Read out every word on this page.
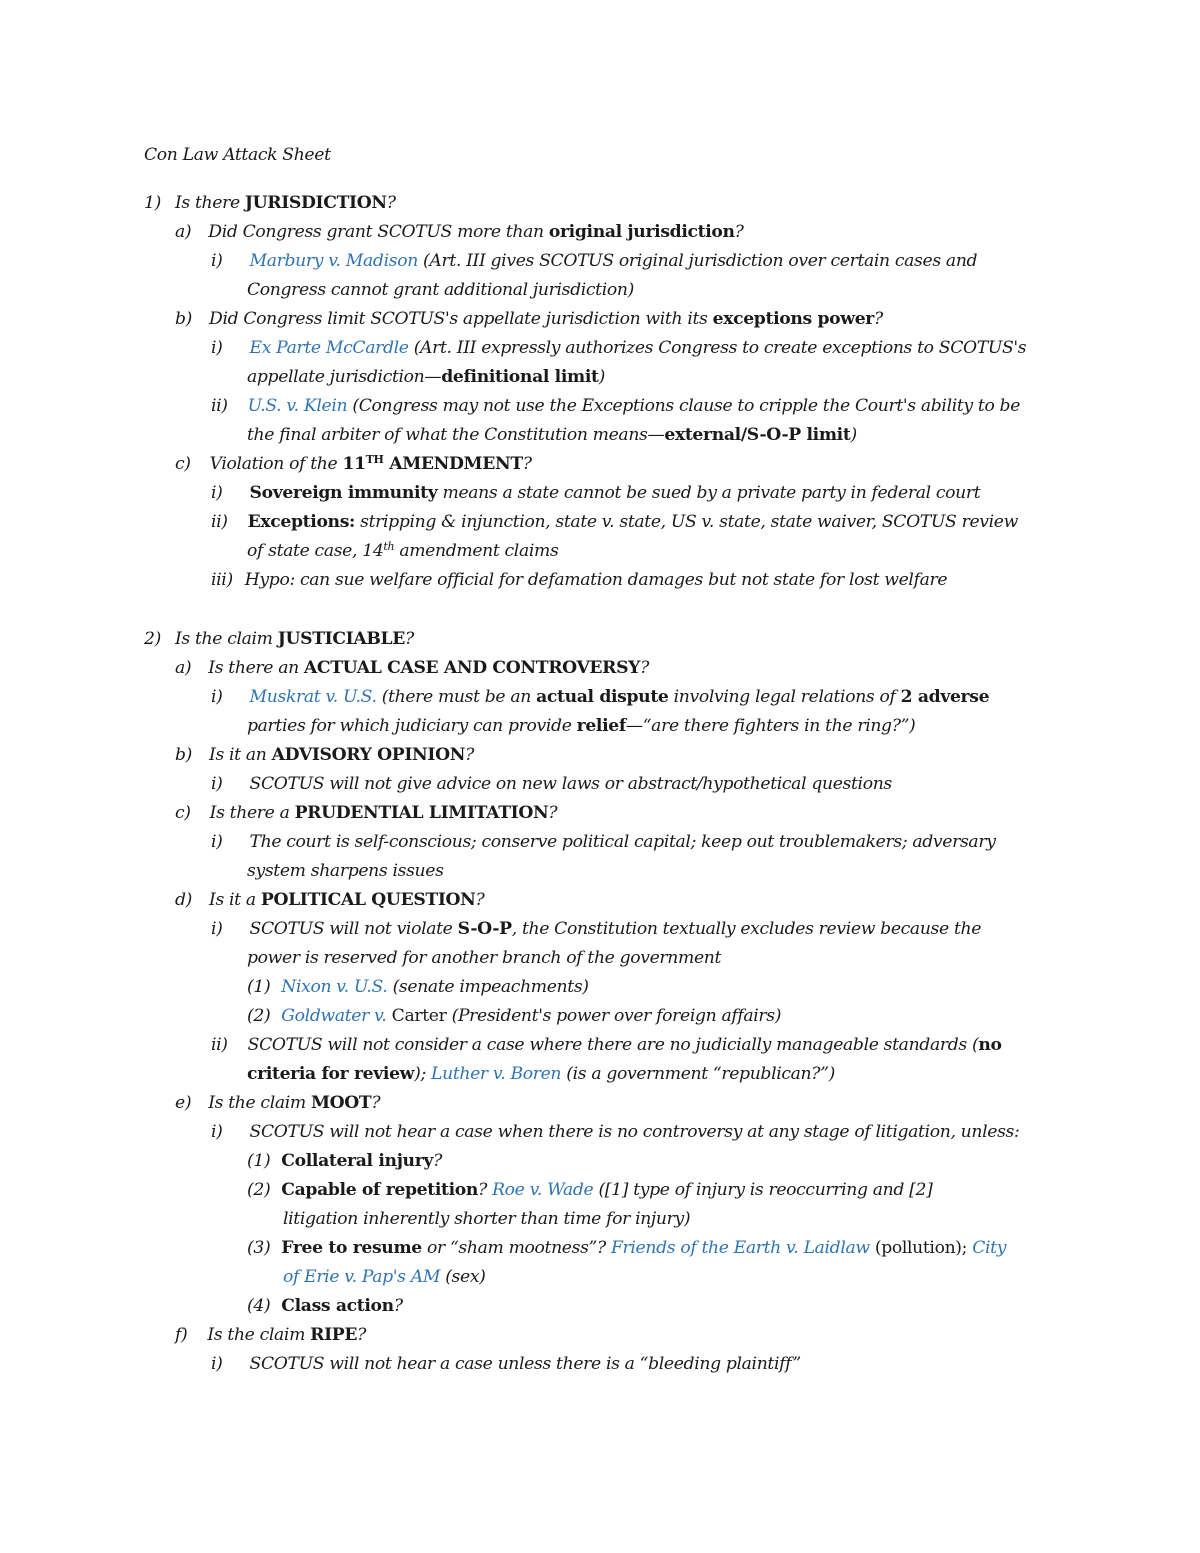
Con Law Attack Sheet
1) Is there JURISDICTION?
a) Did Congress grant SCOTUS more than original jurisdiction?
i) Marbury v. Madison (Art. III gives SCOTUS original jurisdiction over certain cases and
Congress cannot grant additional jurisdiction)
b) Did Congress limit SCOTUS's appellate jurisdiction with its exceptions power?
i) Ex Parte McCardle (Art. III expressly authorizes Congress to create exceptions to SCOTUS's
appellate jurisdiction—definitional limit)
ii) U.S. v. Klein (Congress may not use the Exceptions clause to cripple the Court's ability to be
the final arbiter of what the Constitution means—external/S-O-P limit)
c) Violation of the 11TH AMENDMENT?
i) Sovereign immunity means a state cannot be sued by a private party in federal court
ii) Exceptions: stripping & injunction, state v. state, US v. state, state waiver, SCOTUS review
of state case, 14th amendment claims
iii) Hypo: can sue welfare official for defamation damages but not state for lost welfare
2) Is the claim JUSTICIABLE?
a) Is there an ACTUAL CASE AND CONTROVERSY?
i) Muskrat v. U.S. (there must be an actual dispute involving legal relations of 2 adverse
parties for which judiciary can provide relief—“are there fighters in the ring?”)
b) Is it an ADVISORY OPINION?
i) SCOTUS will not give advice on new laws or abstract/hypothetical questions
c) Is there a PRUDENTIAL LIMITATION?
i) The court is self-conscious; conserve political capital; keep out troublemakers; adversary
system sharpens issues
d) Is it a POLITICAL QUESTION?
i) SCOTUS will not violate S-O-P, the Constitution textually excludes review because the
power is reserved for another branch of the government
(1) Nixon v. U.S. (senate impeachments)
(2) Goldwater v. Carter (President's power over foreign affairs)
ii) SCOTUS will not consider a case where there are no judicially manageable standards (no
criteria for review); Luther v. Boren (is a government “republican?”)
e) Is the claim MOOT?
i) SCOTUS will not hear a case when there is no controversy at any stage of litigation, unless:
(1) Collateral injury?
(2) Capable of repetition? Roe v. Wade ([1] type of injury is reoccurring and [2]
litigation inherently shorter than time for injury)
(3) Free to resume or “sham mootness”? Friends of the Earth v. Laidlaw (pollution); City
of Erie v. Pap's AM (sex)
(4) Class action?
f) Is the claim RIPE?
i) SCOTUS will not hear a case unless there is a “bleeding plaintiff”
